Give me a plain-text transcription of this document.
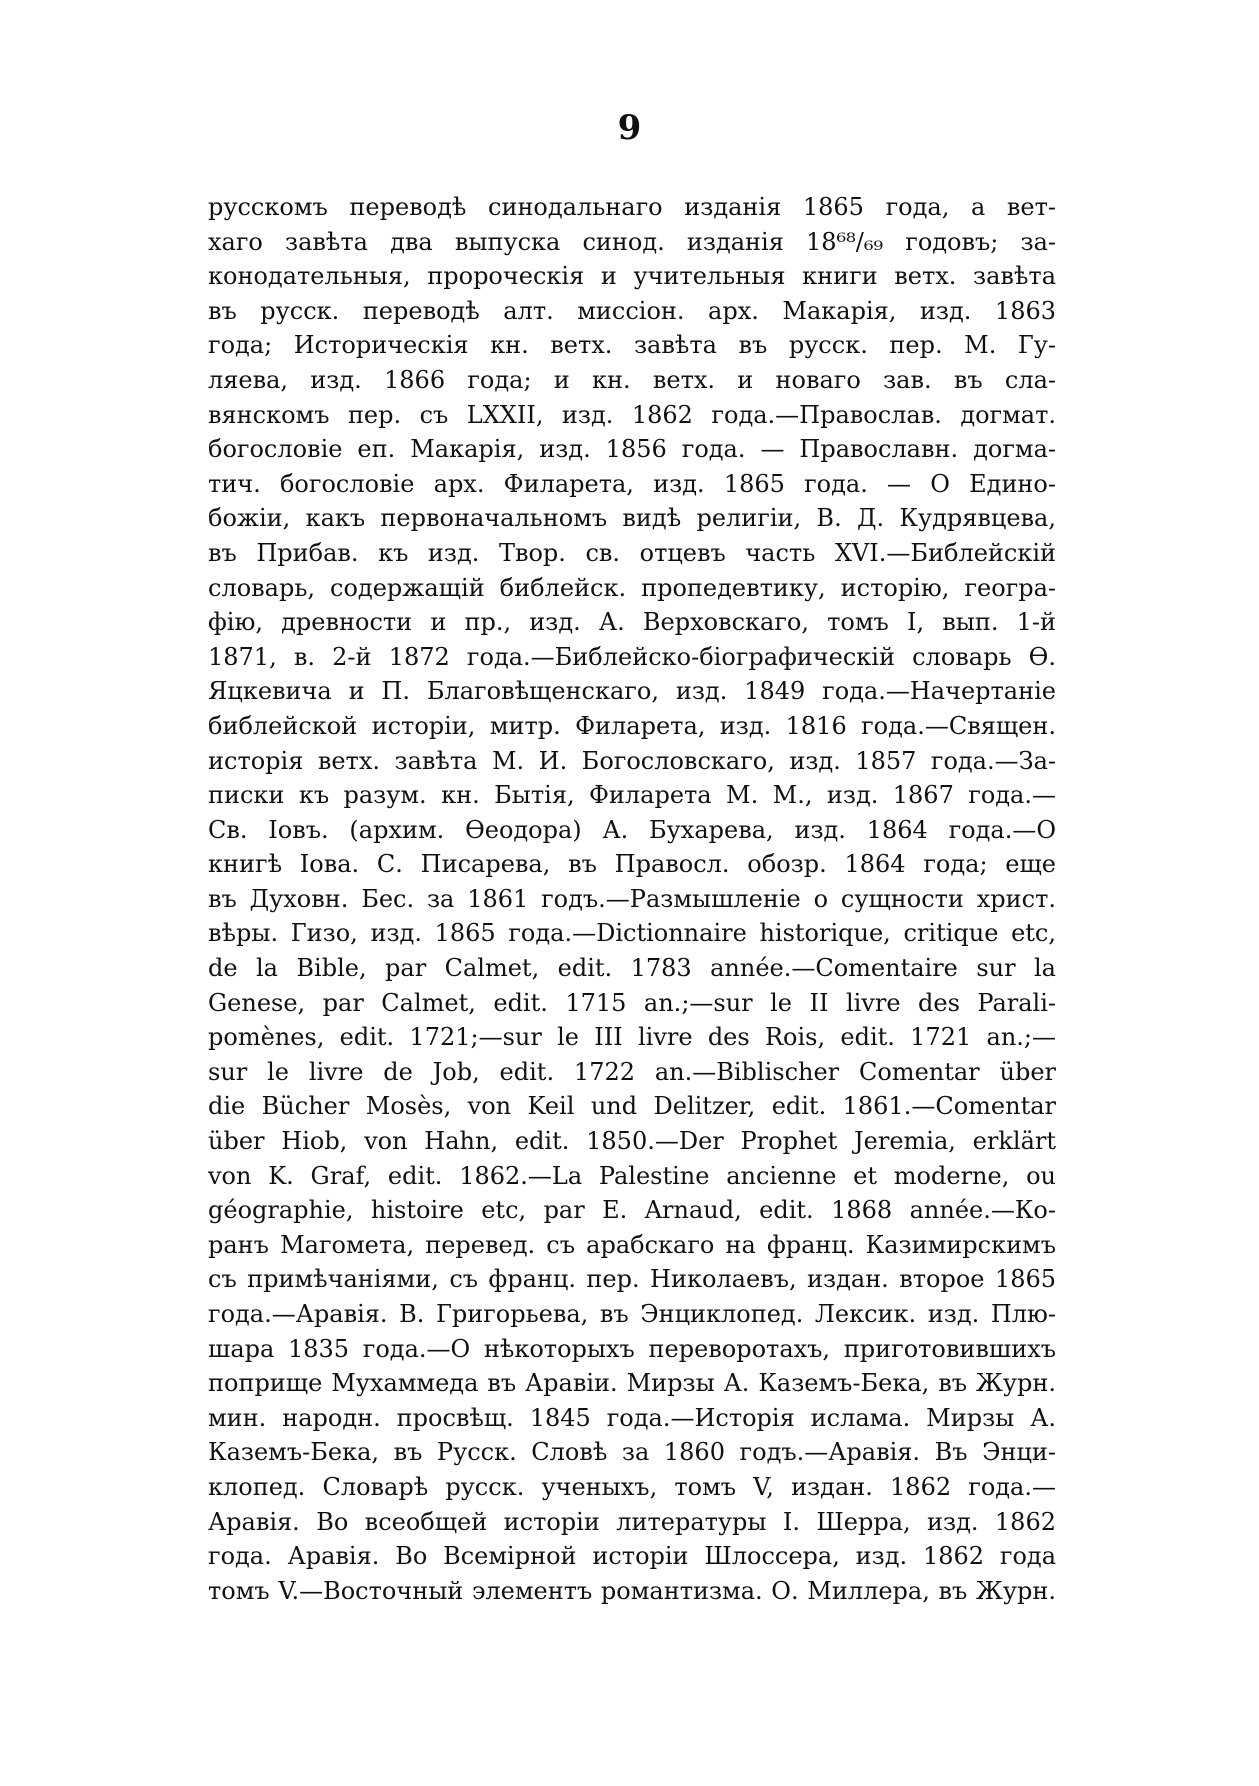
9
русскомъ переводѣ синодальнаго изданія 1865 года, а вет-
хаго завѣта два выпуска синод. изданія 18⁶⁸/₆₉ годовъ; за-
конодательныя, пророческія и учительныя книги ветх. завѣта
въ русск. переводѣ алт. миссіон. арх. Макарія, изд. 1863
года; Историческія кн. ветх. завѣта въ русск. пер. М. Гу-
ляева, изд. 1866 года; и кн. ветх. и новаго зав. въ сла-
вянскомъ пер. съ LXXII, изд. 1862 года.—Православ. догмат.
богословіе еп. Макарія, изд. 1856 года. — Православн. догма-
тич. богословіе арх. Филарета, изд. 1865 года. — О Едино-
божіи, какъ первоначальномъ видѣ религіи, В. Д. Кудрявцева,
въ Прибав. къ изд. Твор. св. отцевъ часть XVI.—Библейскій
словарь, содержащій библейск. пропедевтику, исторію, геогра-
фію, древности и пр., изд. А. Верховскаго, томъ I, вып. 1-й
1871, в. 2-й 1872 года.—Библейско-біографическій словарь Ѳ.
Яцкевича и П. Благовѣщенскаго, изд. 1849 года.—Начертаніе
библейской исторіи, митр. Филарета, изд. 1816 года.—Священ.
исторія ветх. завѣта М. И. Богословскаго, изд. 1857 года.—За-
писки къ разум. кн. Бытія, Филарета М. М., изд. 1867 года.—
Св. Іовъ. (архим. Ѳеодора) А. Бухарева, изд. 1864 года.—О
книгѣ Іова. С. Писарева, въ Правосл. обозр. 1864 года; еще
въ Духовн. Бес. за 1861 годъ.—Размышленіе о сущности христ.
вѣры. Гизо, изд. 1865 года.—Dictionnaire historique, critique etc,
de la Bible, par Calmet, edit. 1783 année.—Comentaire sur la
Genese, par Calmet, edit. 1715 an.;—sur le II livre des Parali-
pomènes, edit. 1721;—sur le III livre des Rois, edit. 1721 an.;—
sur le livre de Job, edit. 1722 an.—Biblischer Comentar über
die Bücher Mosès, von Keil und Delitzer, edit. 1861.—Comentar
über Hiob, von Hahn, edit. 1850.—Der Prophet Jeremia, erklärt
von K. Graf, edit. 1862.—La Palestine ancienne et moderne, ou
géographie, histoire etc, par E. Arnaud, edit. 1868 année.—Ко-
ранъ Магомета, перевед. съ арабскаго на франц. Казимирскимъ
съ примѣчаніями, съ франц. пер. Николаевъ, издан. второе 1865
года.—Аравія. В. Григорьева, въ Энциклопед. Лексик. изд. Плю-
шара 1835 года.—О нѣкоторыхъ переворотахъ, приготовившихъ
поприще Мухаммеда въ Аравіи. Мирзы А. Каземъ-Бека, въ Журн.
мин. народн. просвѣщ. 1845 года.—Исторія ислама. Мирзы А.
Каземъ-Бека, въ Русск. Словѣ за 1860 годъ.—Аравія. Въ Энци-
клопед. Словарѣ русск. ученыхъ, томъ V, издан. 1862 года.—
Аравія. Во всеобщей исторіи литературы І. Шерра, изд. 1862
года. Аравія. Во Всемірной исторіи Шлоссера, изд. 1862 года
томъ V.—Восточный элементъ романтизма. О. Миллера, въ Журн.
